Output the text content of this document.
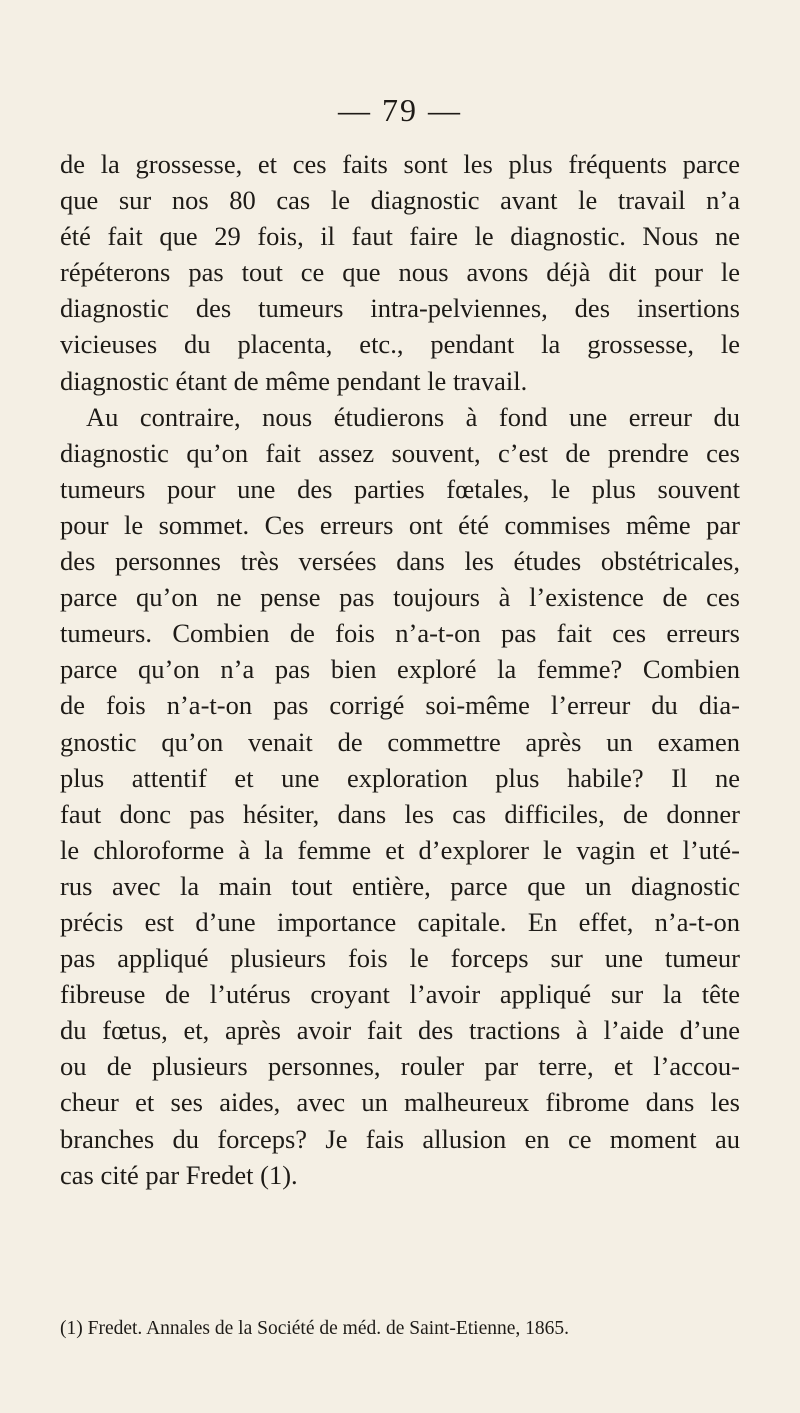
— 79 —
de la grossesse, et ces faits sont les plus fréquents parce
que sur nos 80 cas le diagnostic avant le travail n’a
été fait que 29 fois, il faut faire le diagnostic. Nous ne
répéterons pas tout ce que nous avons déjà dit pour le
diagnostic des tumeurs intra-pelviennes, des insertions
vicieuses du placenta, etc., pendant la grossesse, le
diagnostic étant de même pendant le travail.
Au contraire, nous étudierons à fond une erreur du
diagnostic qu’on fait assez souvent, c’est de prendre ces
tumeurs pour une des parties fœtales, le plus souvent
pour le sommet. Ces erreurs ont été commises même par
des personnes très versées dans les études obstétricales,
parce qu’on ne pense pas toujours à l’existence de ces
tumeurs. Combien de fois n’a-t-on pas fait ces erreurs
parce qu’on n’a pas bien exploré la femme? Combien
de fois n’a-t-on pas corrigé soi-même l’erreur du dia-
gnostic qu’on venait de commettre après un examen
plus attentif et une exploration plus habile? Il ne
faut donc pas hésiter, dans les cas difficiles, de donner
le chloroforme à la femme et d’explorer le vagin et l’uté-
rus avec la main tout entière, parce que un diagnostic
précis est d’une importance capitale. En effet, n’a-t-on
pas appliqué plusieurs fois le forceps sur une tumeur
fibreuse de l’utérus croyant l’avoir appliqué sur la tête
du fœtus, et, après avoir fait des tractions à l’aide d’une
ou de plusieurs personnes, rouler par terre, et l’accou-
cheur et ses aides, avec un malheureux fibrome dans les
branches du forceps? Je fais allusion en ce moment au
cas cité par Fredet (1).
(1) Fredet. Annales de la Société de méd. de Saint-Etienne, 1865.
